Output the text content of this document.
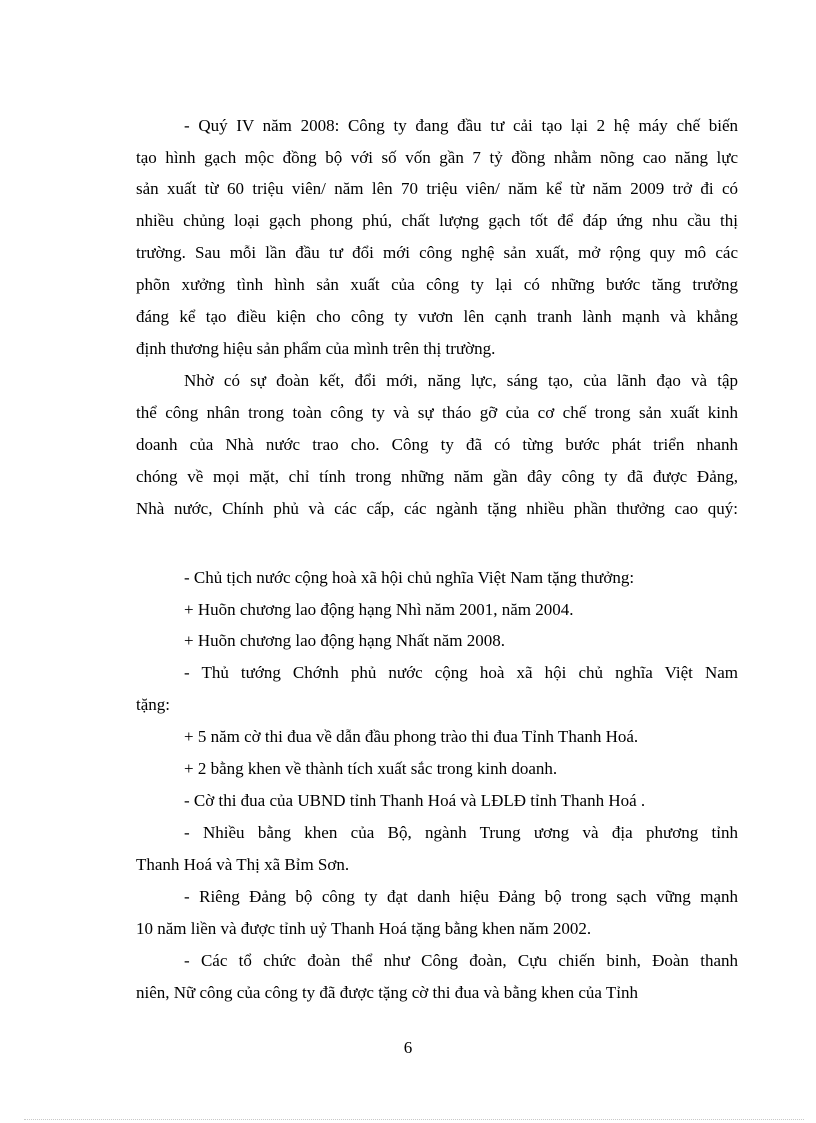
- Quý IV năm 2008: Công ty đang đầu tư cải tạo lại 2 hệ máy chế biến
tạo hình gạch mộc đồng bộ với số vốn gần 7 tỷ đồng nhằm nõng cao năng lực
sản xuất từ 60 triệu viên/ năm lên 70 triệu viên/ năm kể từ năm 2009 trở đi có
nhiều chủng loại gạch phong phú, chất lượng gạch tốt để đáp ứng nhu cầu thị
trường. Sau mỗi lần đầu tư đổi mới công nghệ sản xuất, mở rộng quy mô các
phõn xưởng tình hình sản xuất của công ty lại có những bước tăng trưởng
đáng kể tạo điều kiện cho công ty vươn lên cạnh tranh lành mạnh và khẳng
định thương hiệu sản phẩm của mình trên thị trường.
Nhờ có sự đoàn kết, đổi mới, năng lực, sáng tạo, của lãnh đạo và tập
thể công nhân trong toàn công ty và sự tháo gỡ của cơ chế trong sản xuất kinh
doanh của Nhà nước trao cho. Công ty đã có từng bước phát triển nhanh
chóng về mọi mặt, chỉ tính trong những năm gần đây công ty đã được Đảng,
Nhà nước, Chính phủ và các cấp, các ngành tặng nhiều phần thưởng cao quý:
- Chủ tịch nước cộng hoà xã hội chủ nghĩa Việt Nam tặng thưởng:
+ Huõn chương lao động hạng Nhì năm 2001, năm 2004.
+ Huõn chương lao động hạng Nhất năm 2008.
- Thủ tướng Chớnh phủ nước cộng hoà xã hội chủ nghĩa Việt Nam
tặng:
+ 5 năm cờ thi đua về dẫn đầu phong trào thi đua Tỉnh Thanh Hoá.
+ 2 bằng khen về thành tích xuất sắc trong kinh doanh.
- Cờ thi đua của UBND tỉnh Thanh Hoá và LĐLĐ tỉnh Thanh Hoá .
- Nhiều bằng khen của Bộ, ngành Trung ương và địa phương tỉnh
Thanh Hoá và Thị xã Bỉm Sơn.
- Riêng Đảng bộ công ty đạt danh hiệu Đảng bộ trong sạch vững mạnh
10 năm liền và được tỉnh uỷ Thanh Hoá tặng bằng khen năm 2002.
- Các tổ chức đoàn thể như Công đoàn, Cựu chiến binh, Đoàn thanh
niên, Nữ công của công ty đã được tặng cờ thi đua và bằng khen của Tỉnh
6
